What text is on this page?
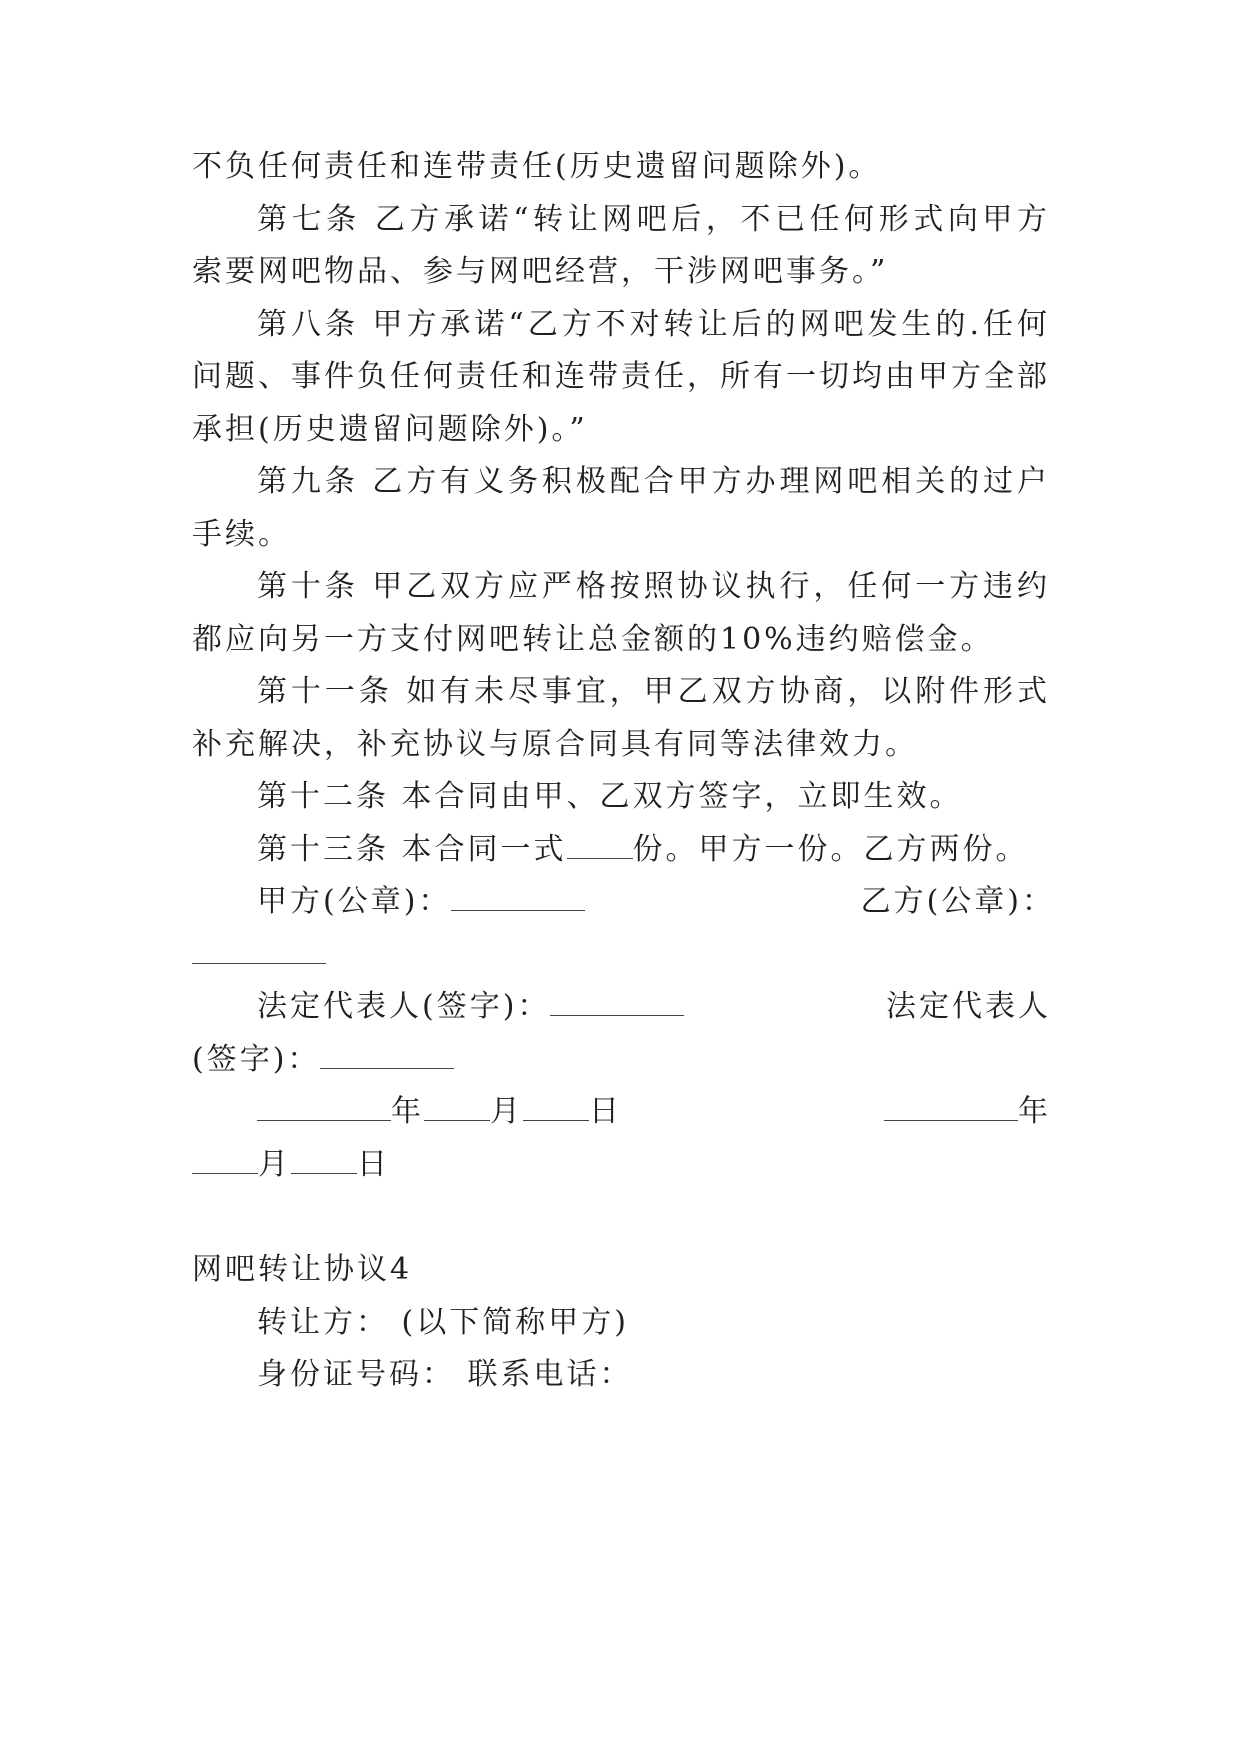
不负任何责任和连带责任(历史遗留问题除外)。
第七条 乙方承诺“转让网吧后，不已任何形式向甲方
索要网吧物品、参与网吧经营，干涉网吧事务。”
第八条 甲方承诺“乙方不对转让后的网吧发生的.任何
问题、事件负任何责任和连带责任，所有一切均由甲方全部
承担(历史遗留问题除外)。”
第九条 乙方有义务积极配合甲方办理网吧相关的过户
手续。
第十条 甲乙双方应严格按照协议执行，任何一方违约
都应向另一方支付网吧转让总金额的10%违约赔偿金。
第十一条 如有未尽事宜，甲乙双方协商，以附件形式
补充解决，补充协议与原合同具有同等法律效力。
第十二条 本合同由甲、乙双方签字，立即生效。
第十三条 本合同一式 份。甲方一份。乙方两份。
甲方(公章)：	乙方(公章)：
法定代表人(签字)：	法定代表人
(签字)：
年 月 日	年
月 日
网吧转让协议4
转让方： (以下简称甲方)
身份证号码： 联系电话：
